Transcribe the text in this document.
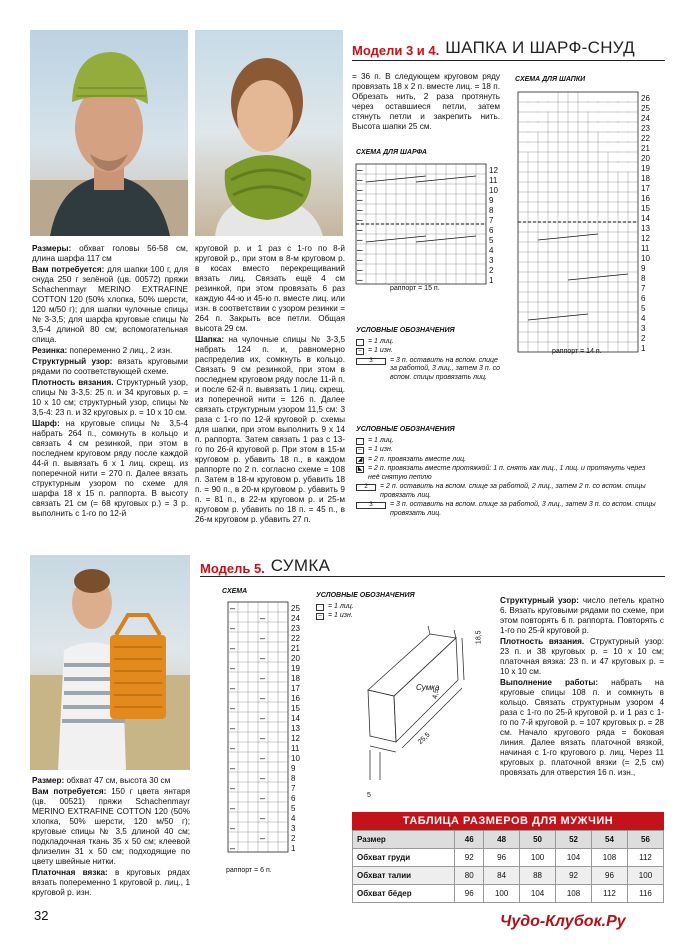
Модели 3 и 4. ШАПКА И ШАРФ-СНУД

Размеры: обхват головы 56-58 см, длина шарфа 117 см

Вам потребуется: для шапки 100 г, для снуда 250 г зелёной (цв. 00572) пряжи Schachenmayr MERINO EXTRAFINE COTTON 120 (50% хлопка, 50% шерсти, 120 м/50 г); для шапки чулочные спицы № 3-3,5; для шарфа круговые спицы № 3,5-4 длиной 80 см; вспомогательная спица.

Резинка: попеременно 2 лиц., 2 изн.

Структурный узор: вязать круговыми рядами по соответствующей схеме.

Плотность вязания. Структурный узор, спицы № 3-3,5: 25 п. и 34 круговых р. = 10 х 10 см; структурный узор, спицы № 3,5-4: 23 п. и 32 круговых р. = 10 х 10 см.

Шарф: на круговые спицы № 3,5-4 набрать 264 п., сомкнуть в кольцо и связать 4 см резинкой, при этом в последнем круговом ряду после каждой 44-й п. вывязать 6 х 1 лиц. скрещ. из поперечной нити = 270 п. Далее вязать структурным узором по схеме для шарфа 18 х 15 п. раппорта. В высоту связать 21 см (= 68 круговых р.) = 3 р. выполнить с 1-го по 12-й

круговой р. и 1 раз с 1-го по 8-й круговой р., при этом в 8-м круговом р. в косах вместо перекрещиваний вязать лиц. Связать ещё 4 см резинкой, при этом провязать 6 раз каждую 44-ю и 45-ю п. вместе лиц. или изн. в соответствии с узором резинки = 264 п. Закрыть все петли. Общая высота 29 см.

Шапка: на чулочные спицы № 3-3,5 набрать 124 п. и, равномерно распределив их, сомкнуть в кольцо. Связать 9 см резинкой, при этом в последнем круговом ряду после 11-й п. и после 62-й п. вывязать 1 лиц. скрещ. из поперечной нити = 126 п. Далее связать структурным узором 11,5 см: 3 раза с 1-го по 12-й круговой р. схемы для шапки, при этом выполнить 9 х 14 п. раппорта. Затем связать 1 раз с 13-го по 26-й круговой р. При этом в 15-м круговом р. убавить 18 п., в каждом раппорте по 2 п. согласно схеме = 108 п. Затем в 18-м круговом р. убавить 18 п. = 90 п., в 20-м круговом р. убавить 9 п. = 81 п., в 22-м круговом р. и 25-м круговом р. убавить по 18 п. = 45 п., в 26-м круговом р. убавить 27 п.

= 36 п. В следующем круговом ряду провязать 18 х 2 п. вместе лиц. = 18 п. Обрезать нить, 2 раза протянуть через оставшиеся петли, затем стянуть петли и закрепить нить. Высота шапки 25 см.

СХЕМА ДЛЯ ШАРФА
12
–
11
–
10
–
9
–
8
–
7
–
6
–
5
–
4
–
3
–
2
–
1
–
раппорт = 15 п.
СХЕМА ДЛЯ ШАПКИ
26
25
24
23
22
21
20
19
18
17
16
15
14
13
12
11
10
9
8
7
6
5
4
3
2
1
раппорт = 14 п.
УСЛОВНЫЕ ОБОЗНАЧЕНИЯ
= 1 лиц.
– = 1 изн.
3	= 3 п. оставить на вспом. спице за работой, 3 лиц., затем 3 п. со вспом. спицы провязать лиц.
УСЛОВНЫЕ ОБОЗНАЧЕНИЯ
= 1 лиц.
– = 1 изн.
◢ = 2 п. провязать вместе лиц.
◣ = 2 п. провязать вместе протяжкой: 1 п. снять как лиц., 1 лиц. и протянуть через неё снятую петлю
2	= 2 п. оставить на вспом. спице за работой, 2 лиц., затем 2 п. со вспом. спицы провязать лиц.
3	= 3 п. оставить на вспом. спице за работой, 3 лиц., затем 3 п. со вспом. спицы провязать лиц.
Модель 5. СУМКА
СХЕМА
25
24
23
22
21
20
19
18
17
16
15
14
13
12
11
10
9
8
7
6
5
4
3
2
1
–
–
–
–
–
–
–
–
–
–
–
–
–
–
–
–
–
–
–
–
–
–
–
–
–
раппорт = 6 п.
УСЛОВНЫЕ ОБОЗНАЧЕНИЯ
= 1 лиц.
– = 1 изн.
Сумка
18,5
4,5
25,5
5

Размер: обхват 47 см, высота 30 см

Вам потребуется: 150 г цвета янтаря (цв. 00521) пряжи Schachenmayr MERINO EXTRAFINE COTTON 120 (50% хлопка, 50% шерсти, 120 м/50 г); круговые спицы № 3,5 длиной 40 см; подкладочная ткань 35 х 50 см; клеевой флизелин 31 х 50 см; подходящие по цвету швейные нитки.

Платочная вязка: в круговых рядах вязать попеременно 1 круговой р. лиц., 1 круговой р. изн.

Структурный узор: число петель кратно 6. Вязать круговыми рядами по схеме, при этом повторять 6 п. раппорта. Повторять с 1-го по 25-й круговой р.

Плотность вязания. Структурный узор: 23 п. и 38 круговых р. = 10 х 10 см; платочная вязка: 23 п. и 47 круговых р. = 10 х 10 см.

Выполнение работы: набрать на круговые спицы 108 п. и сомкнуть в кольцо. Связать структурным узором 4 раза с 1-го по 25-й круговой р. и 1 раз с 1-го по 7-й круговой р. = 107 круговых р. = 28 см. Начало кругового ряда = боковая линия. Далее вязать платочной вязкой, начиная с 1-го кругового р. лиц. Через 11 круговых р. платочной вязки (= 2,5 см) провязать для отверстия 16 п. изн.,

ТАБЛИЦА РАЗМЕРОВ ДЛЯ МУЖЧИН
Размер	46	48	50	52	54	56
Обхват груди	92	96	100	104	108	112
Обхват талии	80	84	88	92	96	100
Обхват бёдер	96	100	104	108	112	116
32	Чудо-Клубок.Ру
